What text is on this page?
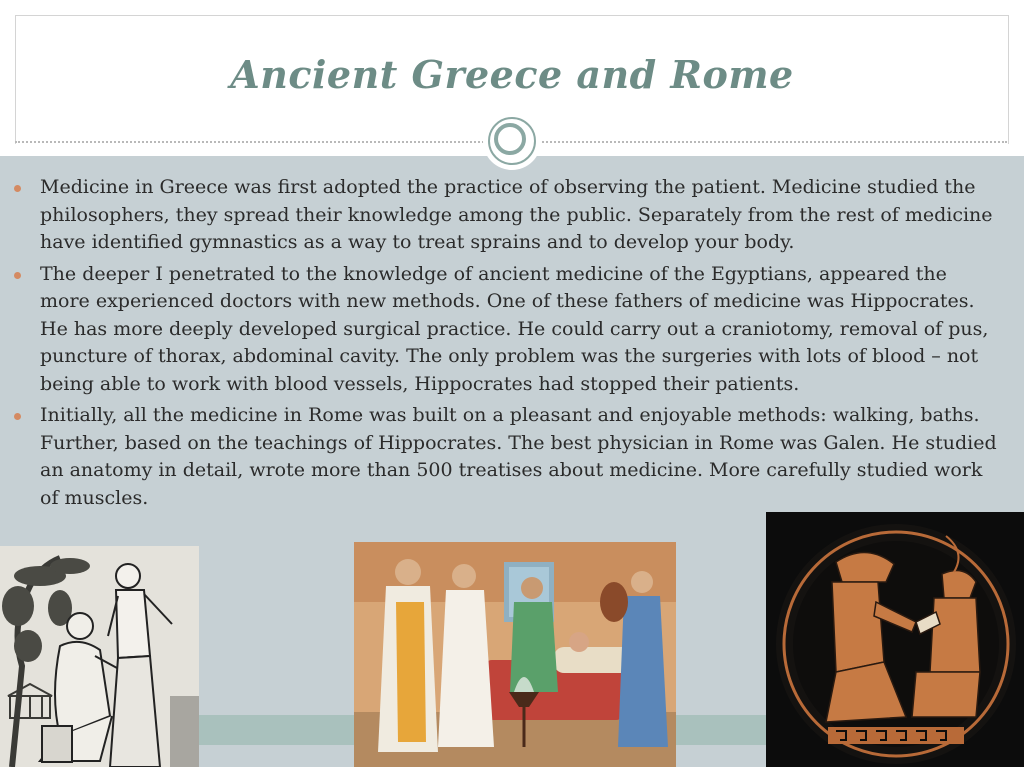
Ancient Greece and Rome
Medicine in Greece was first adopted the practice of observing the patient. Medicine studied the philosophers, they spread their knowledge among the public. Separately from the rest of medicine have identified gymnastics as a way to treat sprains and to develop your body.
The deeper I penetrated to the knowledge of ancient medicine of the Egyptians, appeared the more experienced doctors with new methods. One of these fathers of medicine was Hippocrates. He has more deeply developed surgical practice. He could carry out a craniotomy, removal of pus, puncture of thorax, abdominal cavity. The only problem was the surgeries with lots of blood – not being able to work with blood vessels, Hippocrates had stopped their patients.
Initially, all the medicine in Rome was built on a pleasant and enjoyable methods: walking, baths. Further, based on the teachings of Hippocrates. The best physician in Rome was Galen. He studied an anatomy in detail, wrote more than 500 treatises about medicine. More carefully studied work of muscles.
